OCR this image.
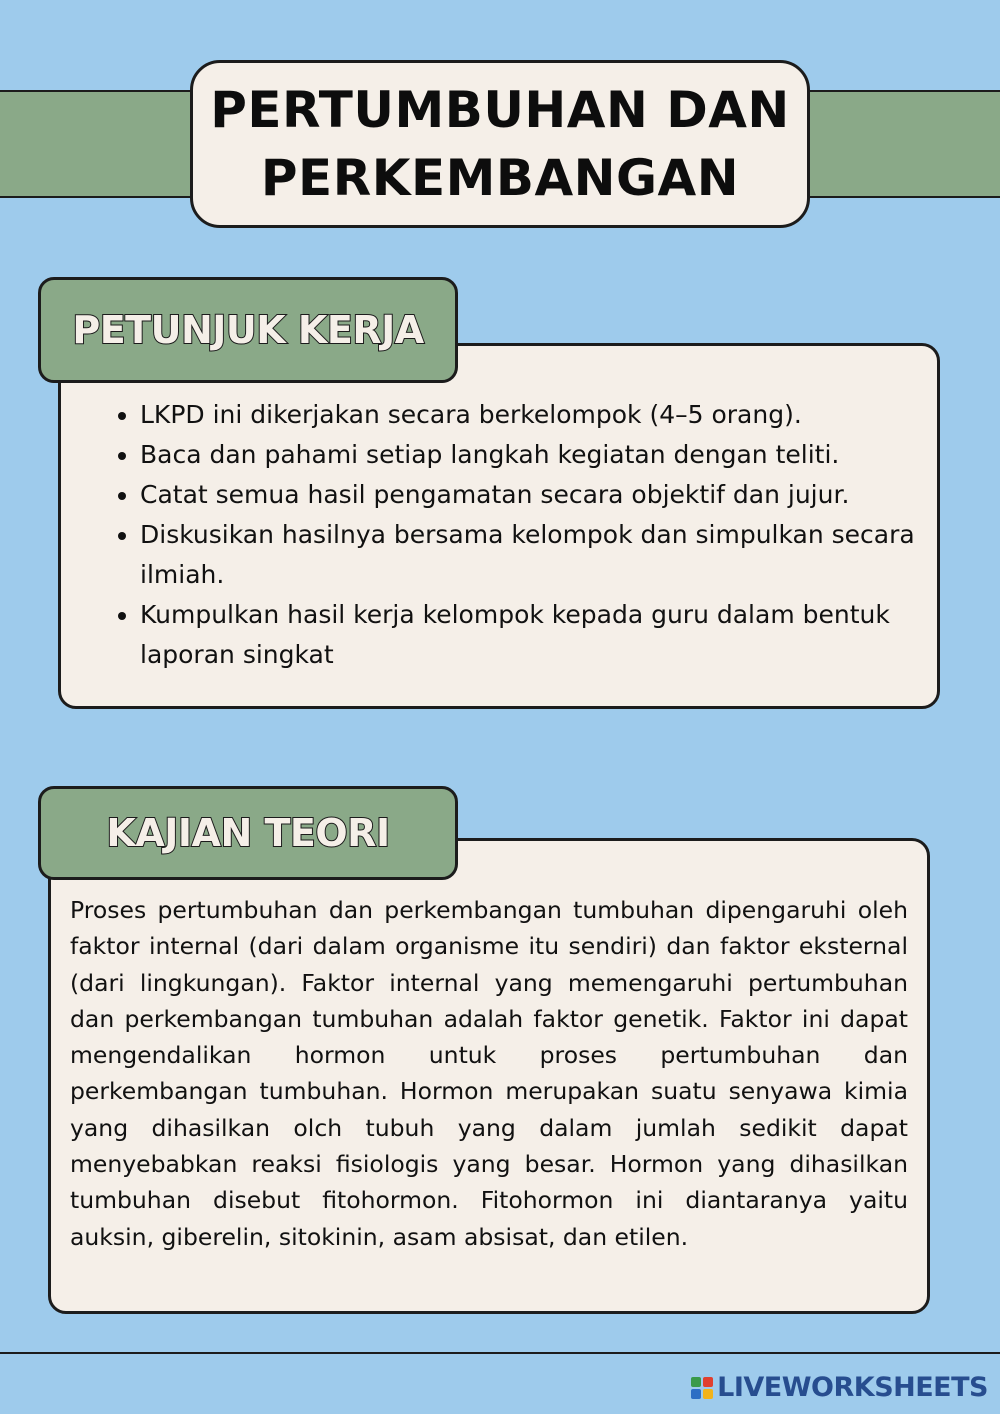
PERTUMBUHAN DAN
PERKEMBANGAN
PETUNJUK KERJA
• LKPD ini dikerjakan secara berkelompok (4–5 orang).
• Baca dan pahami setiap langkah kegiatan dengan teliti.
• Catat semua hasil pengamatan secara objektif dan jujur.
• Diskusikan hasilnya bersama kelompok dan simpulkan secara ilmiah.
• Kumpulkan hasil kerja kelompok kepada guru dalam bentuk laporan singkat
KAJIAN TEORI

Proses pertumbuhan dan perkembangan tumbuhan dipengaruhi oleh faktor internal (dari dalam organisme itu sendiri) dan faktor eksternal (dari lingkungan). Faktor internal yang memengaruhi pertumbuhan dan perkembangan tumbuhan adalah faktor genetik. Faktor ini dapat mengendalikan hormon untuk proses pertumbuhan dan perkembangan tumbuhan. Hormon merupakan suatu senyawa kimia yang dihasilkan olch tubuh yang dalam jumlah sedikit dapat menyebabkan reaksi fisiologis yang besar. Hormon yang dihasilkan tumbuhan disebut fitohormon. Fitohormon ini diantaranya yaitu auksin, giberelin, sitokinin, asam absisat, dan etilen.

LIVEWORKSHEETS
